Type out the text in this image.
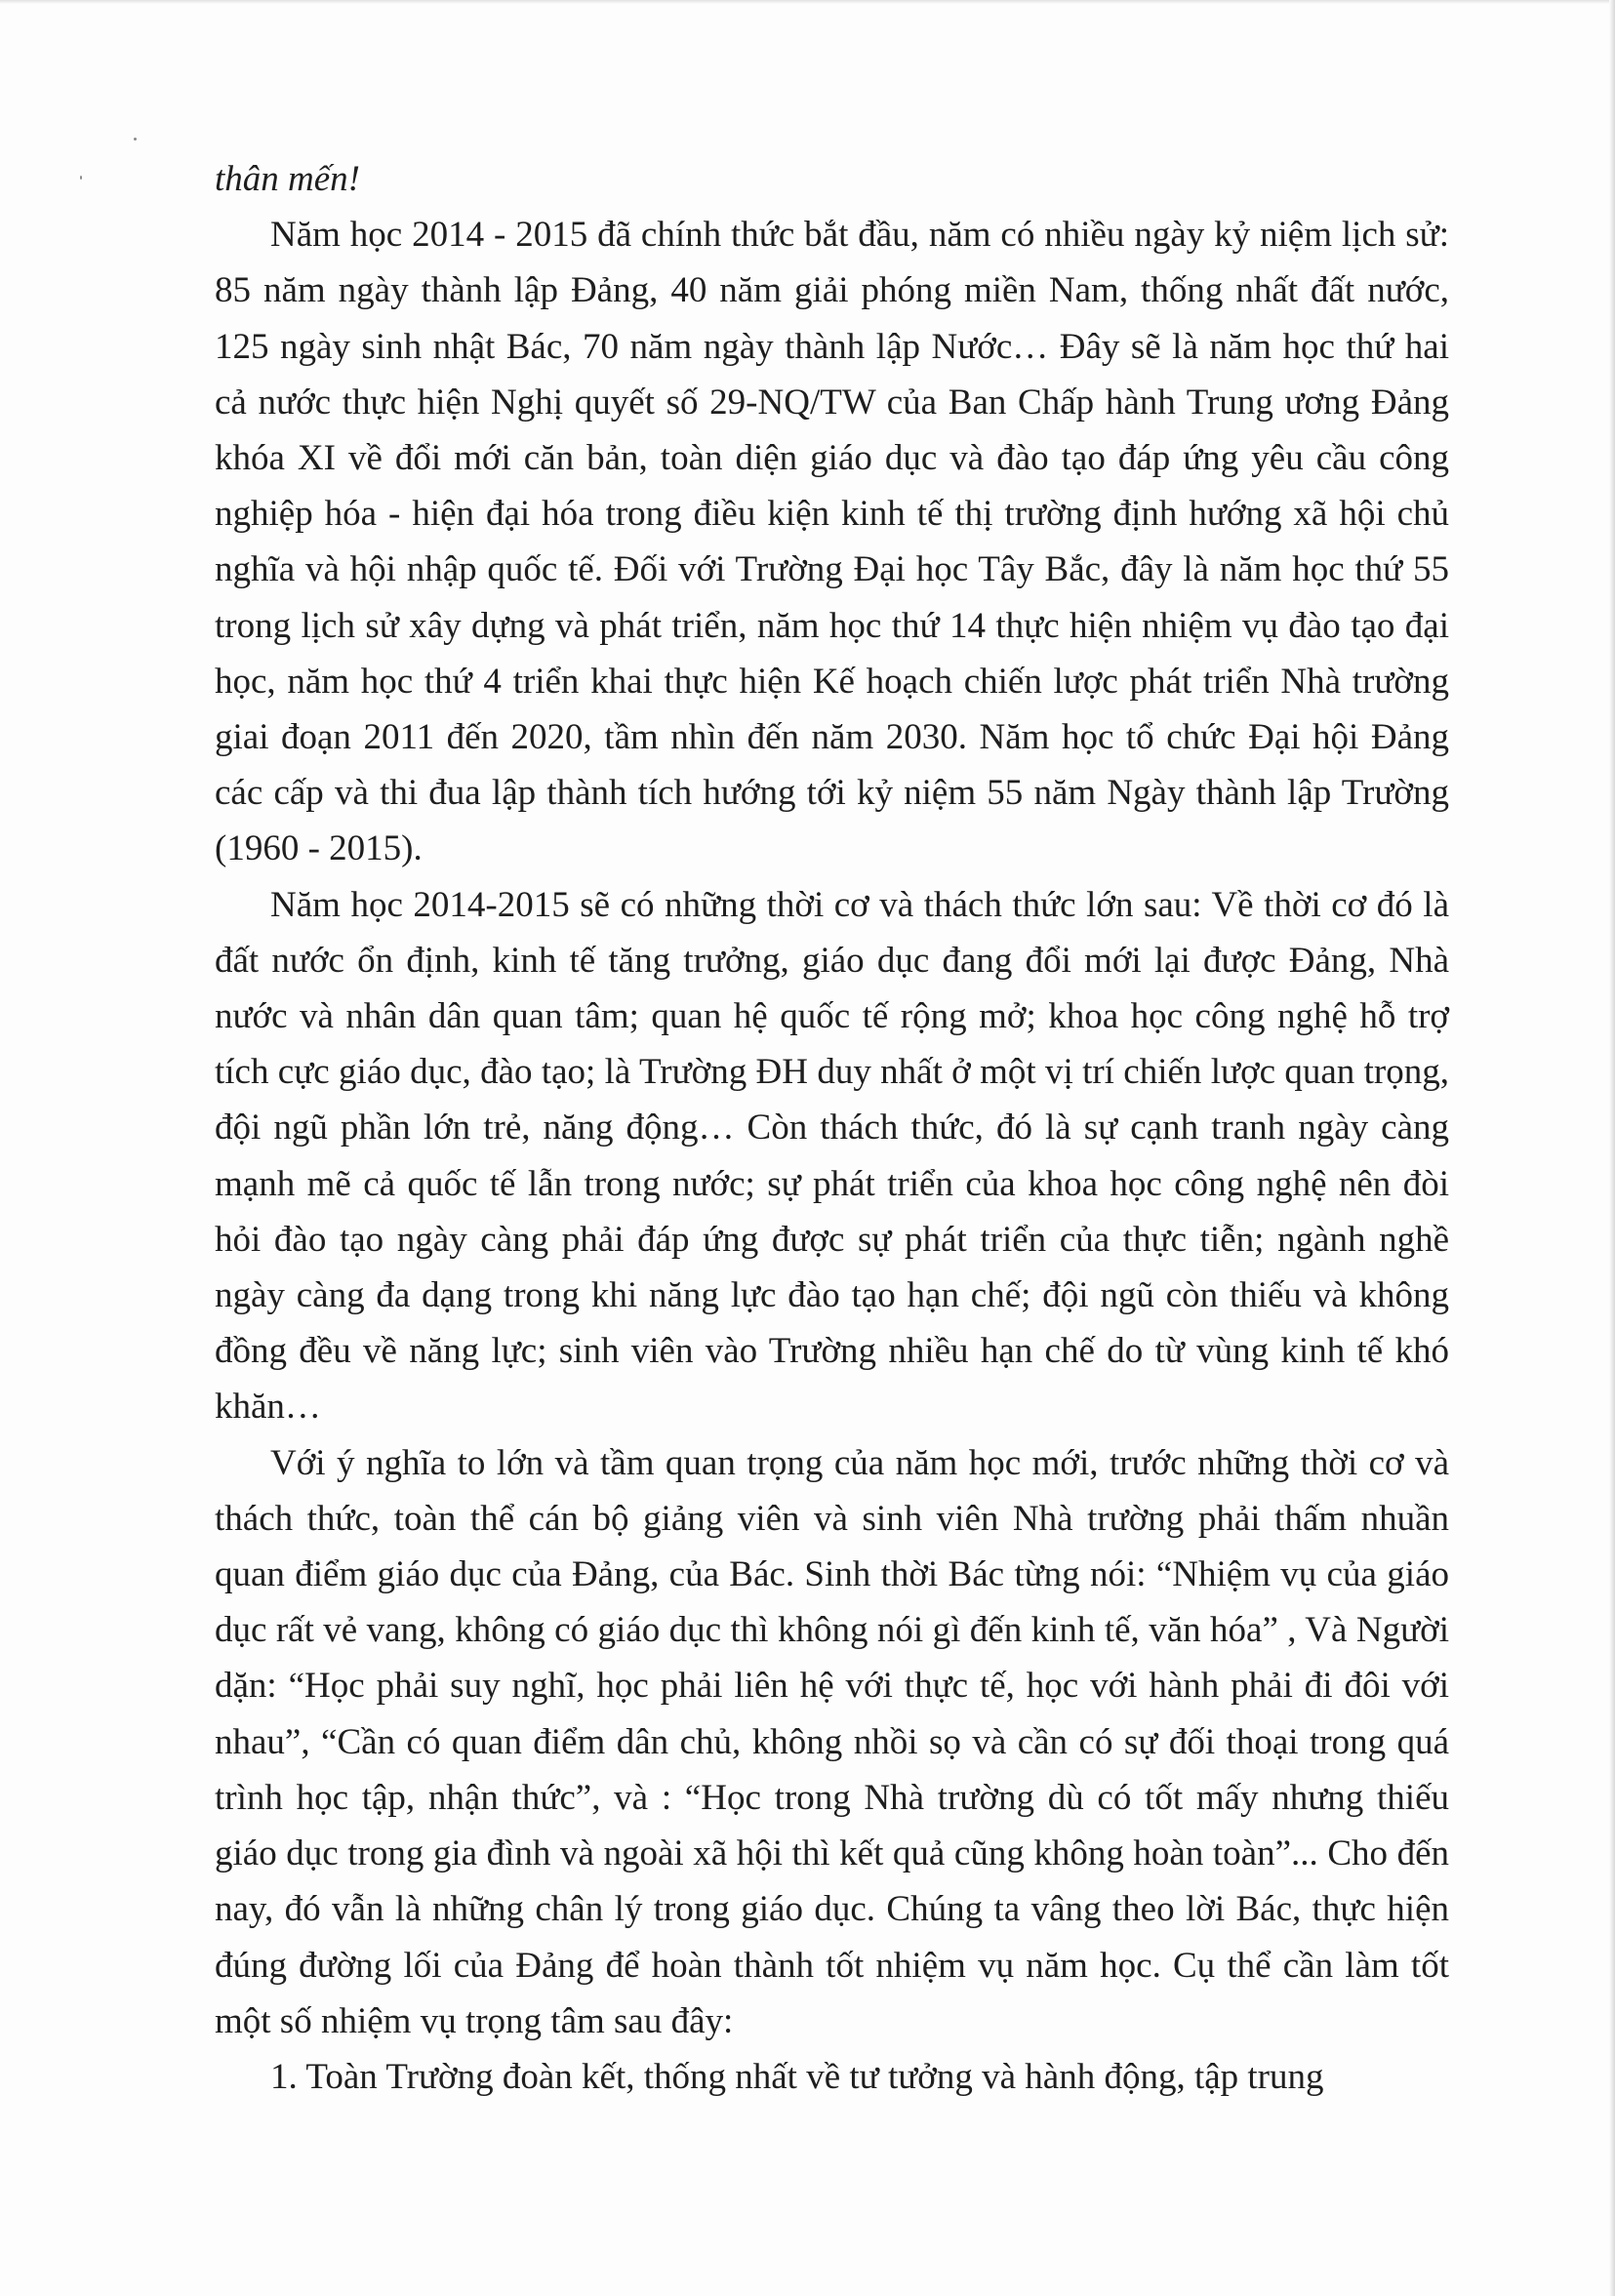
thân mến!

Năm học 2014 - 2015 đã chính thức bắt đầu, năm có nhiều ngày kỷ niệm lịch sử: 85 năm ngày thành lập Đảng, 40 năm giải phóng miền Nam, thống nhất đất nước, 125 ngày sinh nhật Bác, 70 năm ngày thành lập Nước… Đây sẽ là năm học thứ hai cả nước thực hiện Nghị quyết số 29-NQ/TW của Ban Chấp hành Trung ương Đảng khóa XI về đổi mới căn bản, toàn diện giáo dục và đào tạo đáp ứng yêu cầu công nghiệp hóa - hiện đại hóa trong điều kiện kinh tế thị trường định hướng xã hội chủ nghĩa và hội nhập quốc tế. Đối với Trường Đại học Tây Bắc, đây là năm học thứ 55 trong lịch sử xây dựng và phát triển, năm học thứ 14 thực hiện nhiệm vụ đào tạo đại học, năm học thứ 4 triển khai thực hiện Kế hoạch chiến lược phát triển Nhà trường giai đoạn 2011 đến 2020, tầm nhìn đến năm 2030. Năm học tổ chức Đại hội Đảng các cấp và thi đua lập thành tích hướng tới kỷ niệm 55 năm Ngày thành lập Trường (1960 - 2015).

Năm học 2014-2015 sẽ có những thời cơ và thách thức lớn sau: Về thời cơ đó là đất nước ổn định, kinh tế tăng trưởng, giáo dục đang đổi mới lại được Đảng, Nhà nước và nhân dân quan tâm; quan hệ quốc tế rộng mở; khoa học công nghệ hỗ trợ tích cực giáo dục, đào tạo; là Trường ĐH duy nhất ở một vị trí chiến lược quan trọng, đội ngũ phần lớn trẻ, năng động… Còn thách thức, đó là sự cạnh tranh ngày càng mạnh mẽ cả quốc tế lẫn trong nước; sự phát triển của khoa học công nghệ nên đòi hỏi đào tạo ngày càng phải đáp ứng được sự phát triển của thực tiễn; ngành nghề ngày càng đa dạng trong khi năng lực đào tạo hạn chế; đội ngũ còn thiếu và không đồng đều về năng lực; sinh viên vào Trường nhiều hạn chế do từ vùng kinh tế khó khăn…

Với ý nghĩa to lớn và tầm quan trọng của năm học mới, trước những thời cơ và thách thức, toàn thể cán bộ giảng viên và sinh viên Nhà trường phải thấm nhuần quan điểm giáo dục của Đảng, của Bác. Sinh thời Bác từng nói: “Nhiệm vụ của giáo dục rất vẻ vang, không có giáo dục thì không nói gì đến kinh tế, văn hóa” , Và Người dặn: “Học phải suy nghĩ, học phải liên hệ với thực tế, học với hành phải đi đôi với nhau”, “Cần có quan điểm dân chủ, không nhồi sọ và cần có sự đối thoại trong quá trình học tập, nhận thức”, và : “Học trong Nhà trường dù có tốt mấy nhưng thiếu giáo dục trong gia đình và ngoài xã hội thì kết quả cũng không hoàn toàn”... Cho đến nay, đó vẫn là những chân lý trong giáo dục. Chúng ta vâng theo lời Bác, thực hiện đúng đường lối của Đảng để hoàn thành tốt nhiệm vụ năm học. Cụ thể cần làm tốt một số nhiệm vụ trọng tâm sau đây:

1. Toàn Trường đoàn kết, thống nhất về tư tưởng và hành động, tập trung
